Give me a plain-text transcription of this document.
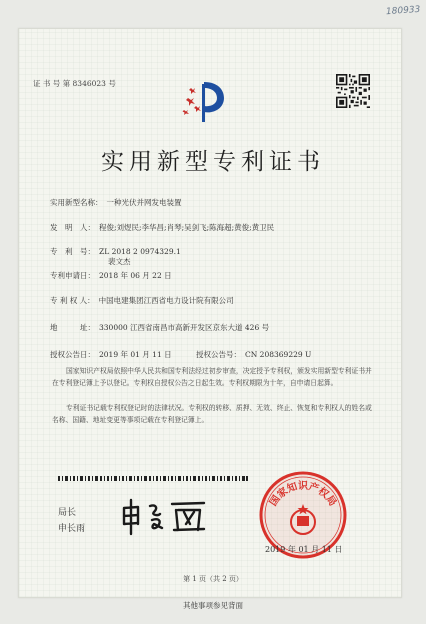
180933
证 书 号 第 8346023 号
实用新型专利证书
实用新型名称： 一种光伏并网发电装置
发　明　人： 程俊;刘煜民;李华昌;肖琴;吴剑飞;陈海超;黄俊;黄卫民
裴文杰
专　利　号： ZL 2018 2 0974329.1
专利申请日： 2018 年 06 月 22 日
专 利 权 人： 中国电建集团江西省电力设计院有限公司
地　　　址： 330000 江西省南昌市高新开发区京东大道 426 号
授权公告日： 2019 年 01 月 11 日	授权公告号： CN 208369229 U
国家知识产权局依照中华人民共和国专利法经过初步审查，决定授予专利权，颁发实用新型专利证书并在专利登记簿上予以登记。专利权自授权公告之日起生效。专利权期限为十年，自申请日起算。
专利证书记载专利权登记时的法律状况。专利权的转移、质押、无效、终止、恢复和专利权人的姓名或名称、国籍、地址变更等事项记载在专利登记簿上。
局长
申长雨
国家知识产权局
2019 年 01 月 11 日
第 1 页（共 2 页）
其他事项参见背面
